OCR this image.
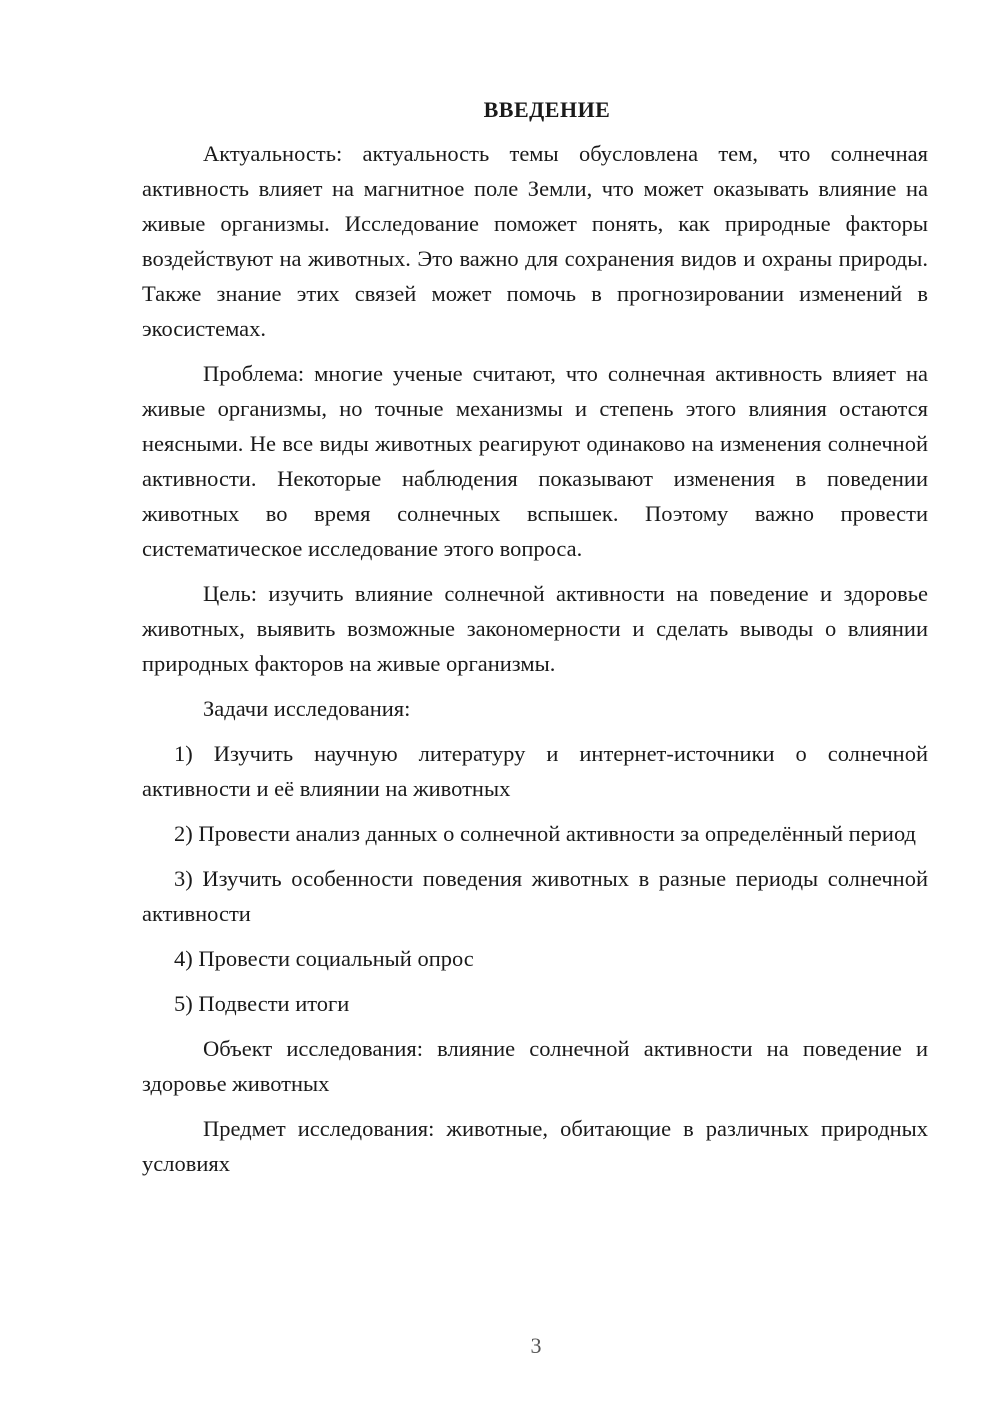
ВВЕДЕНИЕ

Актуальность: актуальность темы обусловлена тем, что солнечная активность влияет на магнитное поле Земли, что может оказывать влияние на живые организмы. Исследование поможет понять, как природные факторы воздействуют на животных. Это важно для сохранения видов и охраны природы. Также знание этих связей может помочь в прогнозировании изменений в экосистемах.

Проблема: многие ученые считают, что солнечная активность влияет на живые организмы, но точные механизмы и степень этого влияния остаются неясными. Не все виды животных реагируют одинаково на изменения солнечной активности. Некоторые наблюдения показывают изменения в поведении животных во время солнечных вспышек. Поэтому важно провести систематическое исследование этого вопроса.

Цель: изучить влияние солнечной активности на поведение и здоровье животных, выявить возможные закономерности и сделать выводы о влиянии природных факторов на живые организмы.

Задачи исследования:

1) Изучить научную литературу и интернет-источники о солнечной активности и её влиянии на животных

2) Провести анализ данных о солнечной активности за определённый период

3) Изучить особенности поведения животных в разные периоды солнечной активности

4) Провести социальный опрос

5) Подвести итоги

Объект исследования: влияние солнечной активности на поведение и здоровье животных

Предмет исследования: животные, обитающие в различных природных условиях

3
